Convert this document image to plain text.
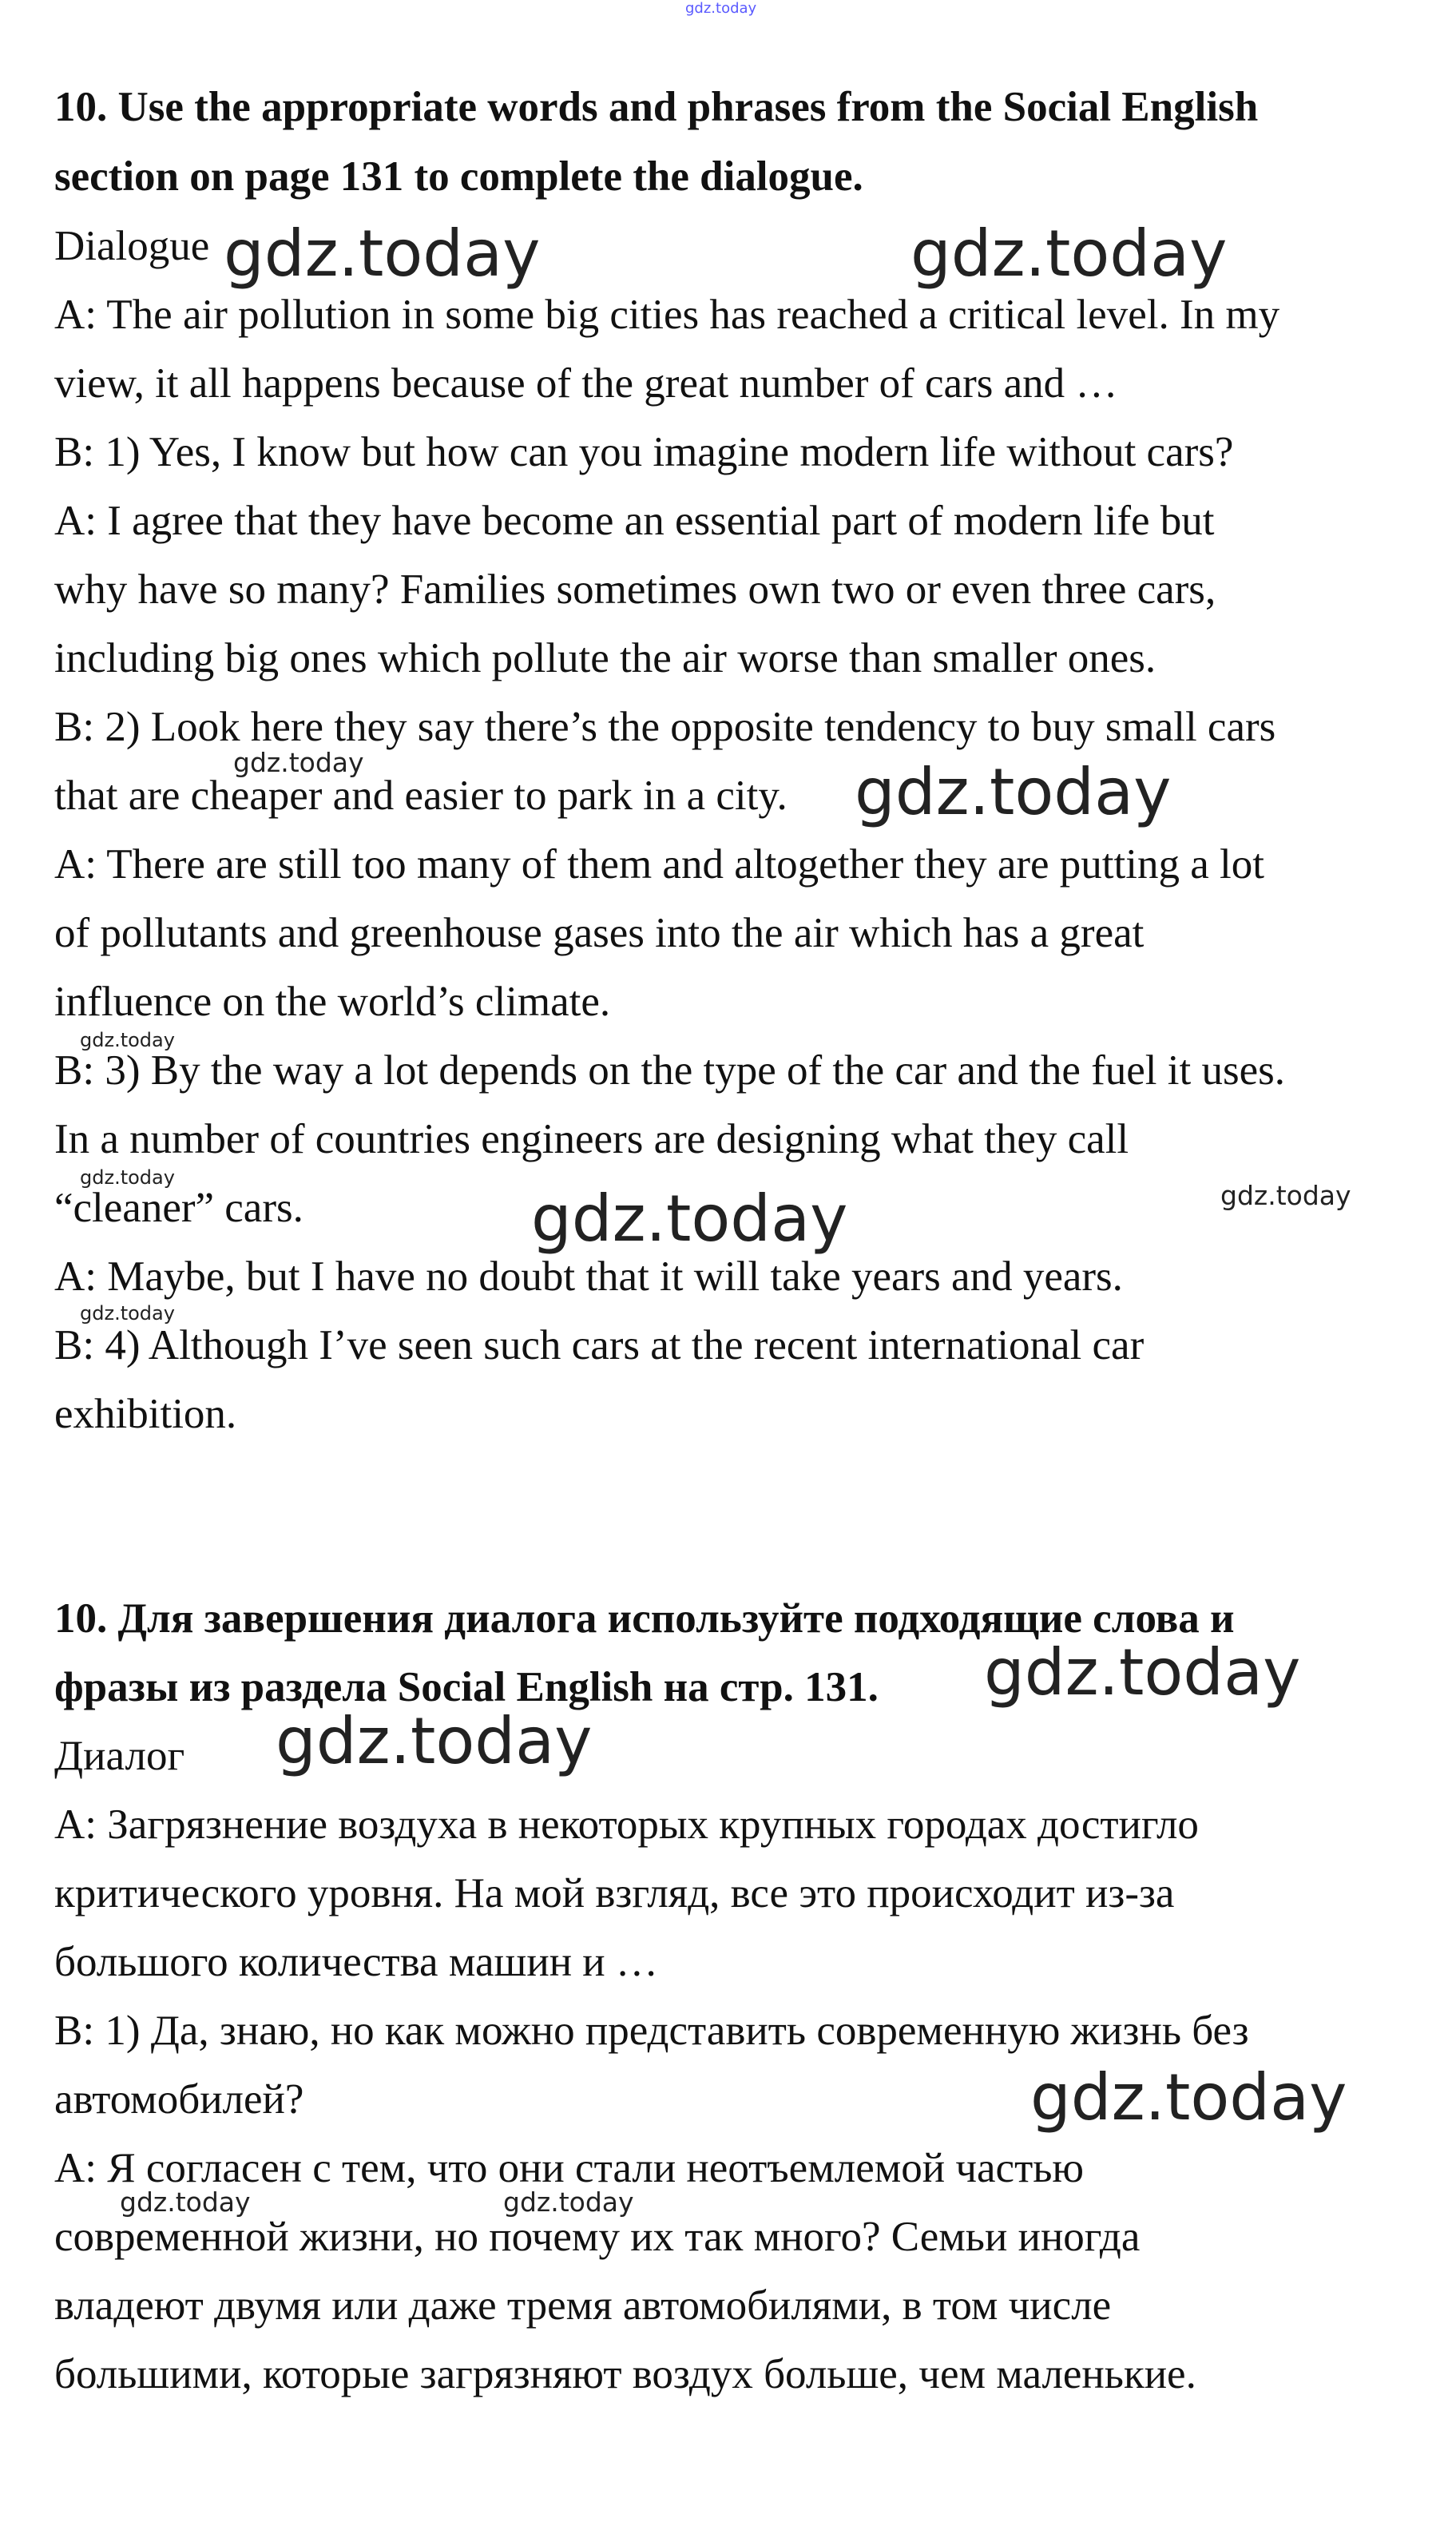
gdz.today
10. Use the appropriate words and phrases from the Social English
section on page 131 to complete the dialogue.
Dialogue
A: The air pollution in some big cities has reached a critical level. In my
view, it all happens because of the great number of cars and …
B: 1) Yes, I know but how can you imagine modern life without cars?
A: I agree that they have become an essential part of modern life but
why have so many? Families sometimes own two or even three cars,
including big ones which pollute the air worse than smaller ones.
B: 2) Look here they say there’s the opposite tendency to buy small cars
that are cheaper and easier to park in a city.
A: There are still too many of them and altogether they are putting a lot
of pollutants and greenhouse gases into the air which has a great
influence on the world’s climate.
B: 3) By the way a lot depends on the type of the car and the fuel it uses.
In a number of countries engineers are designing what they call
“cleaner” cars.
A: Maybe, but I have no doubt that it will take years and years.
B: 4) Although I’ve seen such cars at the recent international car
exhibition.
10. Для завершения диалога используйте подходящие слова и
фразы из раздела Social English на стр. 131.
Диалог
А: Загрязнение воздуха в некоторых крупных городах достигло
критического уровня. На мой взгляд, все это происходит из-за
большого количества машин и …
В: 1) Да, знаю, но как можно представить современную жизнь без
автомобилей?
А: Я согласен с тем, что они стали неотъемлемой частью
современной жизни, но почему их так много? Семьи иногда
владеют двумя или даже тремя автомобилями, в том числе
большими, которые загрязняют воздух больше, чем маленькие.
gdz.today	gdz.today
gdz.today	gdz.today
gdz.today
gdz.today
gdz.today	gdz.today
gdz.today
gdz.today
gdz.today
gdz.today
gdz.today	gdz.today
